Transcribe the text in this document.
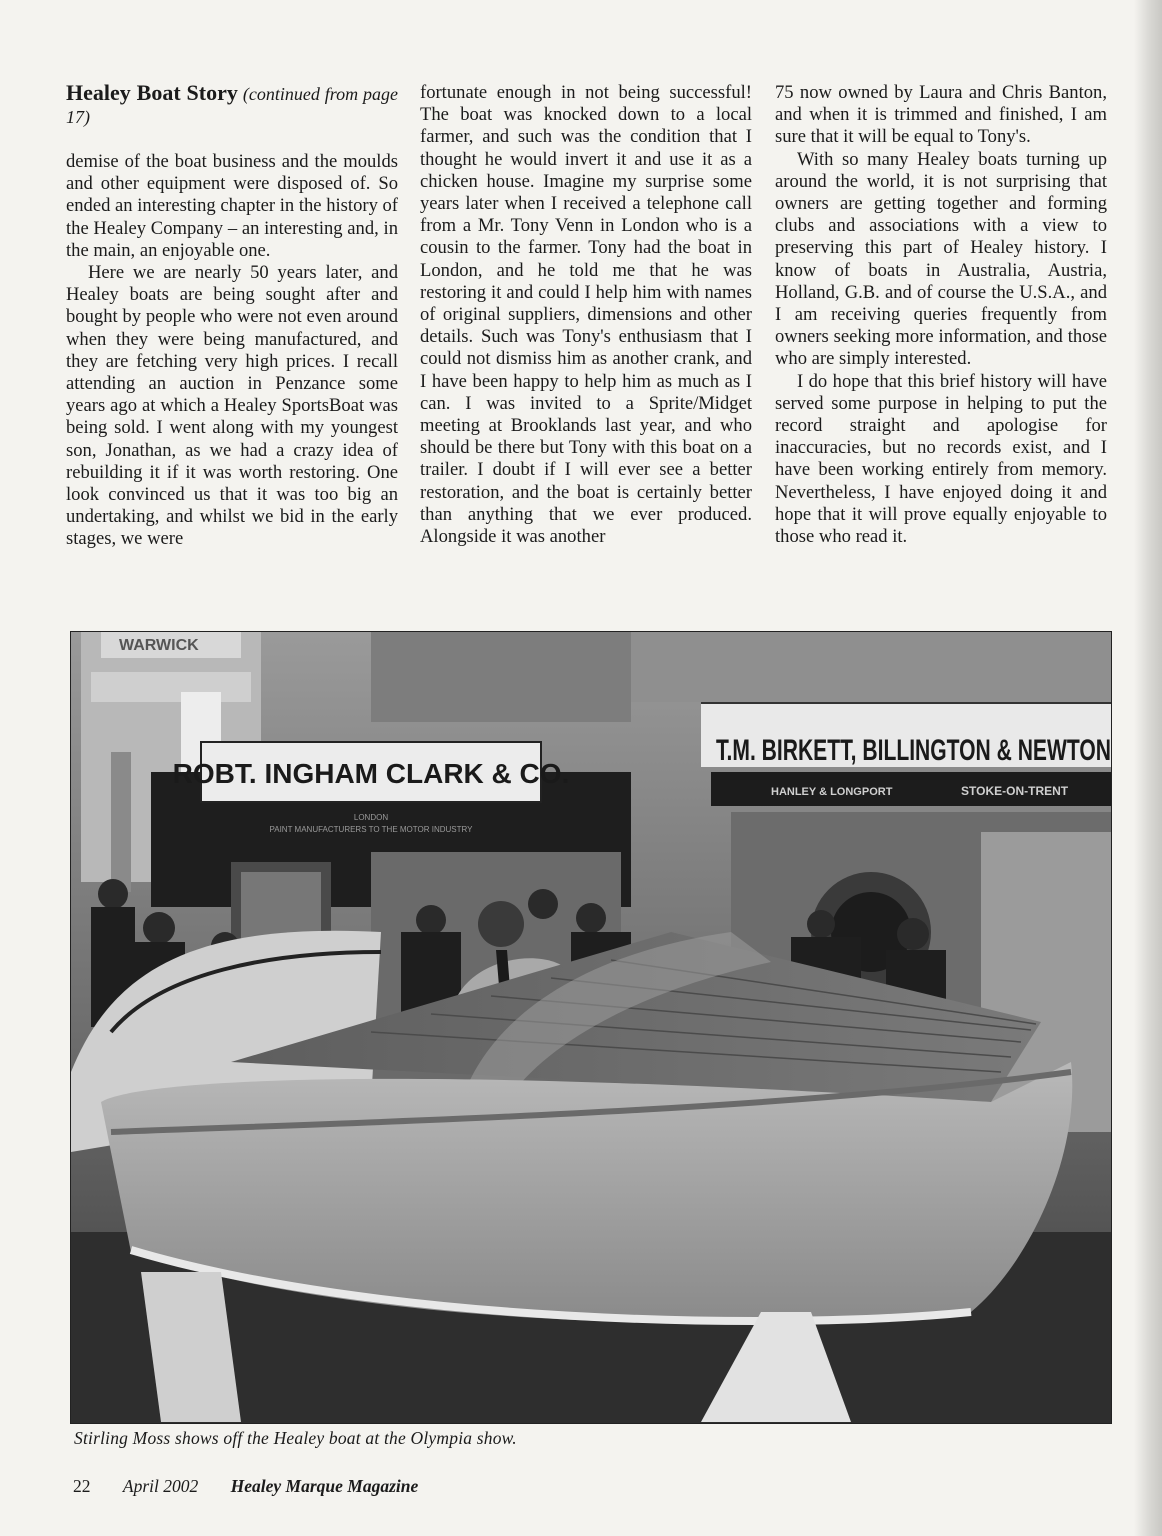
Healey Boat Story (continued from page 17)

demise of the boat business and the moulds and other equipment were disposed of. So ended an interesting chapter in the history of the Healey Company – an interesting and, in the main, an enjoyable one.

Here we are nearly 50 years later, and Healey boats are being sought after and bought by people who were not even around when they were being manufactured, and they are fetching very high prices. I recall attending an auction in Penzance some years ago at which a Healey SportsBoat was being sold. I went along with my youngest son, Jonathan, as we had a crazy idea of rebuilding it if it was worth restoring. One look convinced us that it was too big an undertaking, and whilst we bid in the early stages, we were

fortunate enough in not being successful! The boat was knocked down to a local farmer, and such was the condition that I thought he would invert it and use it as a chicken house. Imagine my surprise some years later when I received a telephone call from a Mr. Tony Venn in London who is a cousin to the farmer. Tony had the boat in London, and he told me that he was restoring it and could I help him with names of original suppliers, dimensions and other details. Such was Tony's enthusiasm that I could not dismiss him as another crank, and I have been happy to help him as much as I can. I was invited to a Sprite/Midget meeting at Brooklands last year, and who should be there but Tony with this boat on a trailer. I doubt if I will ever see a better restoration, and the boat is certainly better than anything that we ever produced. Alongside it was another

75 now owned by Laura and Chris Banton, and when it is trimmed and finished, I am sure that it will be equal to Tony's.

With so many Healey boats turning up around the world, it is not surprising that owners are getting together and forming clubs and associations with a view to preserving this part of Healey history. I know of boats in Australia, Austria, Holland, G.B. and of course the U.S.A., and I am receiving queries frequently from owners seeking more information, and those who are simply interested.

I do hope that this brief history will have served some purpose in helping to put the record straight and apologise for inaccuracies, but no records exist, and I have been working entirely from memory. Nevertheless, I have enjoyed doing it and hope that it will prove equally enjoyable to those who read it.

WARWICK
ROBT. INGHAM CLARK & CO.
LONDON
PAINT MANUFACTURERS TO THE MOTOR INDUSTRY
T.M. BIRKETT, BILLINGTON & NEWTON
HANLEY & LONGPORT	STOKE-ON-TRENT
Stirling Moss shows off the Healey boat at the Olympia show.
22 April 2002 Healey Marque Magazine
